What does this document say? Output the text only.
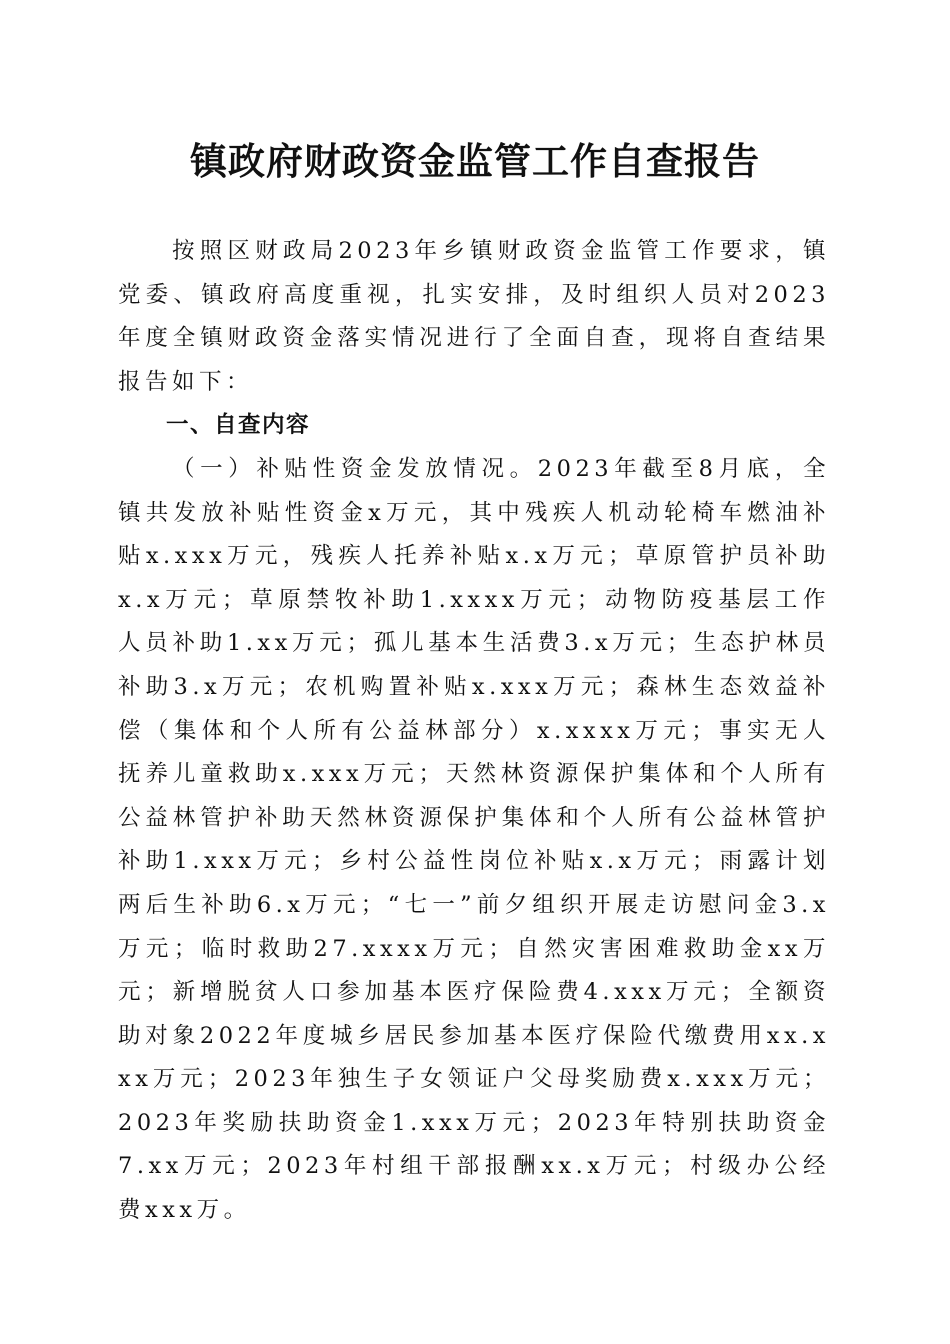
镇政府财政资金监管工作自查报告

按照区财政局2023年乡镇财政资金监管工作要求，镇党委、镇政府高度重视，扎实安排，及时组织人员对2023年度全镇财政资金落实情况进行了全面自查，现将自查结果报告如下：

一、自查内容

（一）补贴性资金发放情况。2023年截至8月底，全镇共发放补贴性资金x万元，其中残疾人机动轮椅车燃油补贴x.xxx万元，残疾人托养补贴x.x万元；草原管护员补助x.x万元；草原禁牧补助1.xxxx万元；动物防疫基层工作人员补助1.xx万元；孤儿基本生活费3.x万元；生态护林员补助3.x万元；农机购置补贴x.xxx万元；森林生态效益补偿（集体和个人所有公益林部分）x.xxxx万元；事实无人抚养儿童救助x.xxx万元；天然林资源保护集体和个人所有公益林管护补助天然林资源保护集体和个人所有公益林管护补助1.xxx万元；乡村公益性岗位补贴x.x万元；雨露计划两后生补助6.x万元；“七一”前夕组织开展走访慰问金3.x万元；临时救助27.xxxx万元；自然灾害困难救助金xx万元；新增脱贫人口参加基本医疗保险费4.xxx万元；全额资助对象2022年度城乡居民参加基本医疗保险代缴费用xx.xxx万元；2023年独生子女领证户父母奖励费x.xxx万元；2023年奖励扶助资金1.xxx万元；2023年特别扶助资金7.xx万元；2023年村组干部报酬xx.x万元；村级办公经费xxx万。
